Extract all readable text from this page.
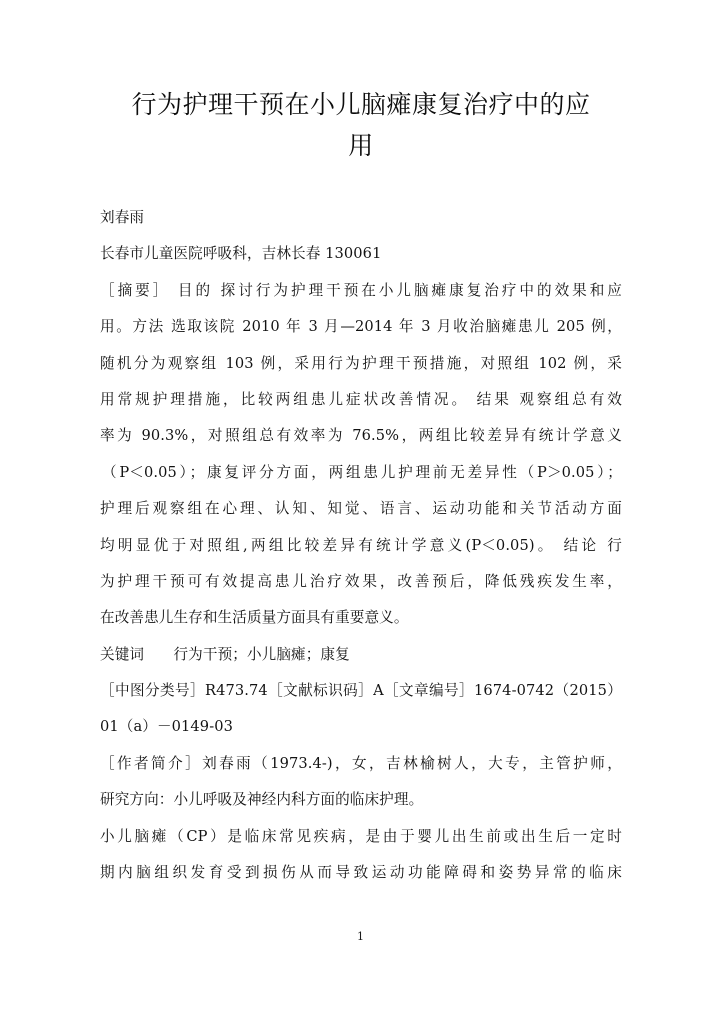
行为护理干预在小儿脑瘫康复治疗中的应
用
刘春雨
长春市儿童医院呼吸科，吉林长春 130061
［摘要］ 目的 探讨行为护理干预在小儿脑瘫康复治疗中的效果和应
用。方法 选取该院 2010 年 3 月—2014 年 3 月收治脑瘫患儿 205 例，
随机分为观察组 103 例，采用行为护理干预措施，对照组 102 例，采
用常规护理措施，比较两组患儿症状改善情况。 结果 观察组总有效
率为 90.3%，对照组总有效率为 76.5%，两组比较差异有统计学意义
（P＜0.05）；康复评分方面，两组患儿护理前无差异性（P＞0.05）；
护理后观察组在心理、认知、知觉、语言、运动功能和关节活动方面
均明显优于对照组,两组比较差异有统计学意义(P＜0.05)。 结论 行
为护理干预可有效提高患儿治疗效果，改善预后，降低残疾发生率，
在改善患儿生存和生活质量方面具有重要意义。
关键词　　 行为干预；小儿脑瘫；康复
［中图分类号］R473.74［文献标识码］A［文章编号］1674-0742（2015）
01（a）－0149-03
［作者简介］刘春雨（1973.4-)，女，吉林榆树人，大专，主管护师，
研究方向：小儿呼吸及神经内科方面的临床护理。
小儿脑瘫（CP）是临床常见疾病，是由于婴儿出生前或出生后一定时
期内脑组织发育受到损伤从而导致运动功能障碍和姿势异常的临床
1
